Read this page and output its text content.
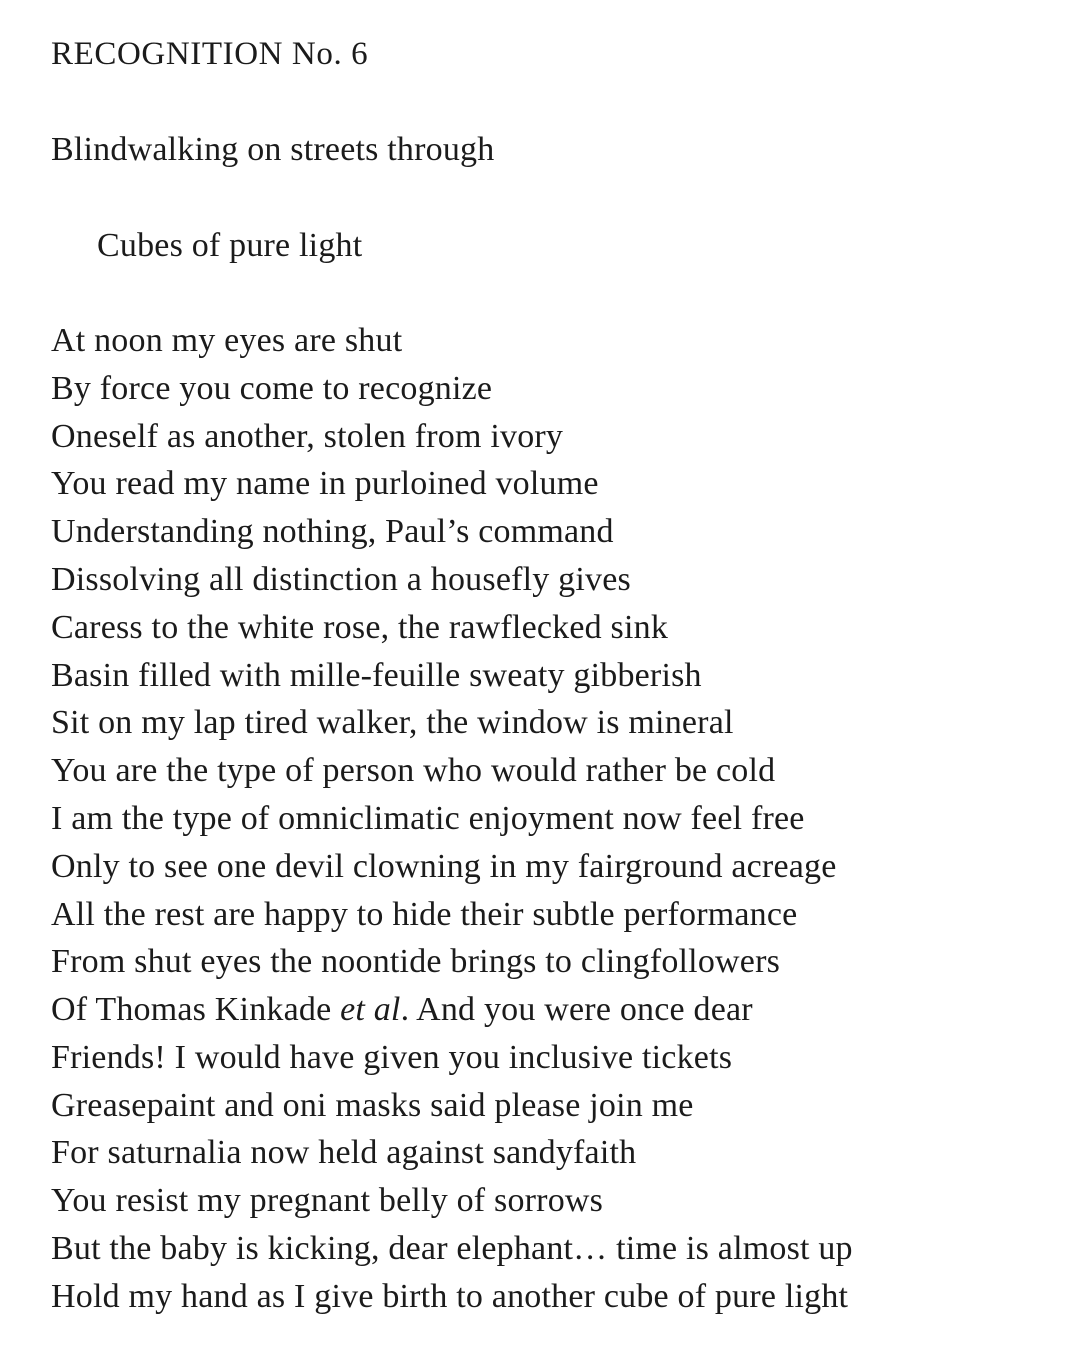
RECOGNITION No. 6
Blindwalking on streets through
Cubes of pure light
At noon my eyes are shut
By force you come to recognize
Oneself as another, stolen from ivory
You read my name in purloined volume
Understanding nothing, Paul’s command
Dissolving all distinction a housefly gives
Caress to the white rose, the rawflecked sink
Basin filled with mille-feuille sweaty gibberish
Sit on my lap tired walker, the window is mineral
You are the type of person who would rather be cold
I am the type of omniclimatic enjoyment now feel free
Only to see one devil clowning in my fairground acreage
All the rest are happy to hide their subtle performance
From shut eyes the noontide brings to clingfollowers
Of Thomas Kinkade et al. And you were once dear
Friends! I would have given you inclusive tickets
Greasepaint and oni masks said please join me
For saturnalia now held against sandyfaith
You resist my pregnant belly of sorrows
But the baby is kicking, dear elephant… time is almost up
Hold my hand as I give birth to another cube of pure light
